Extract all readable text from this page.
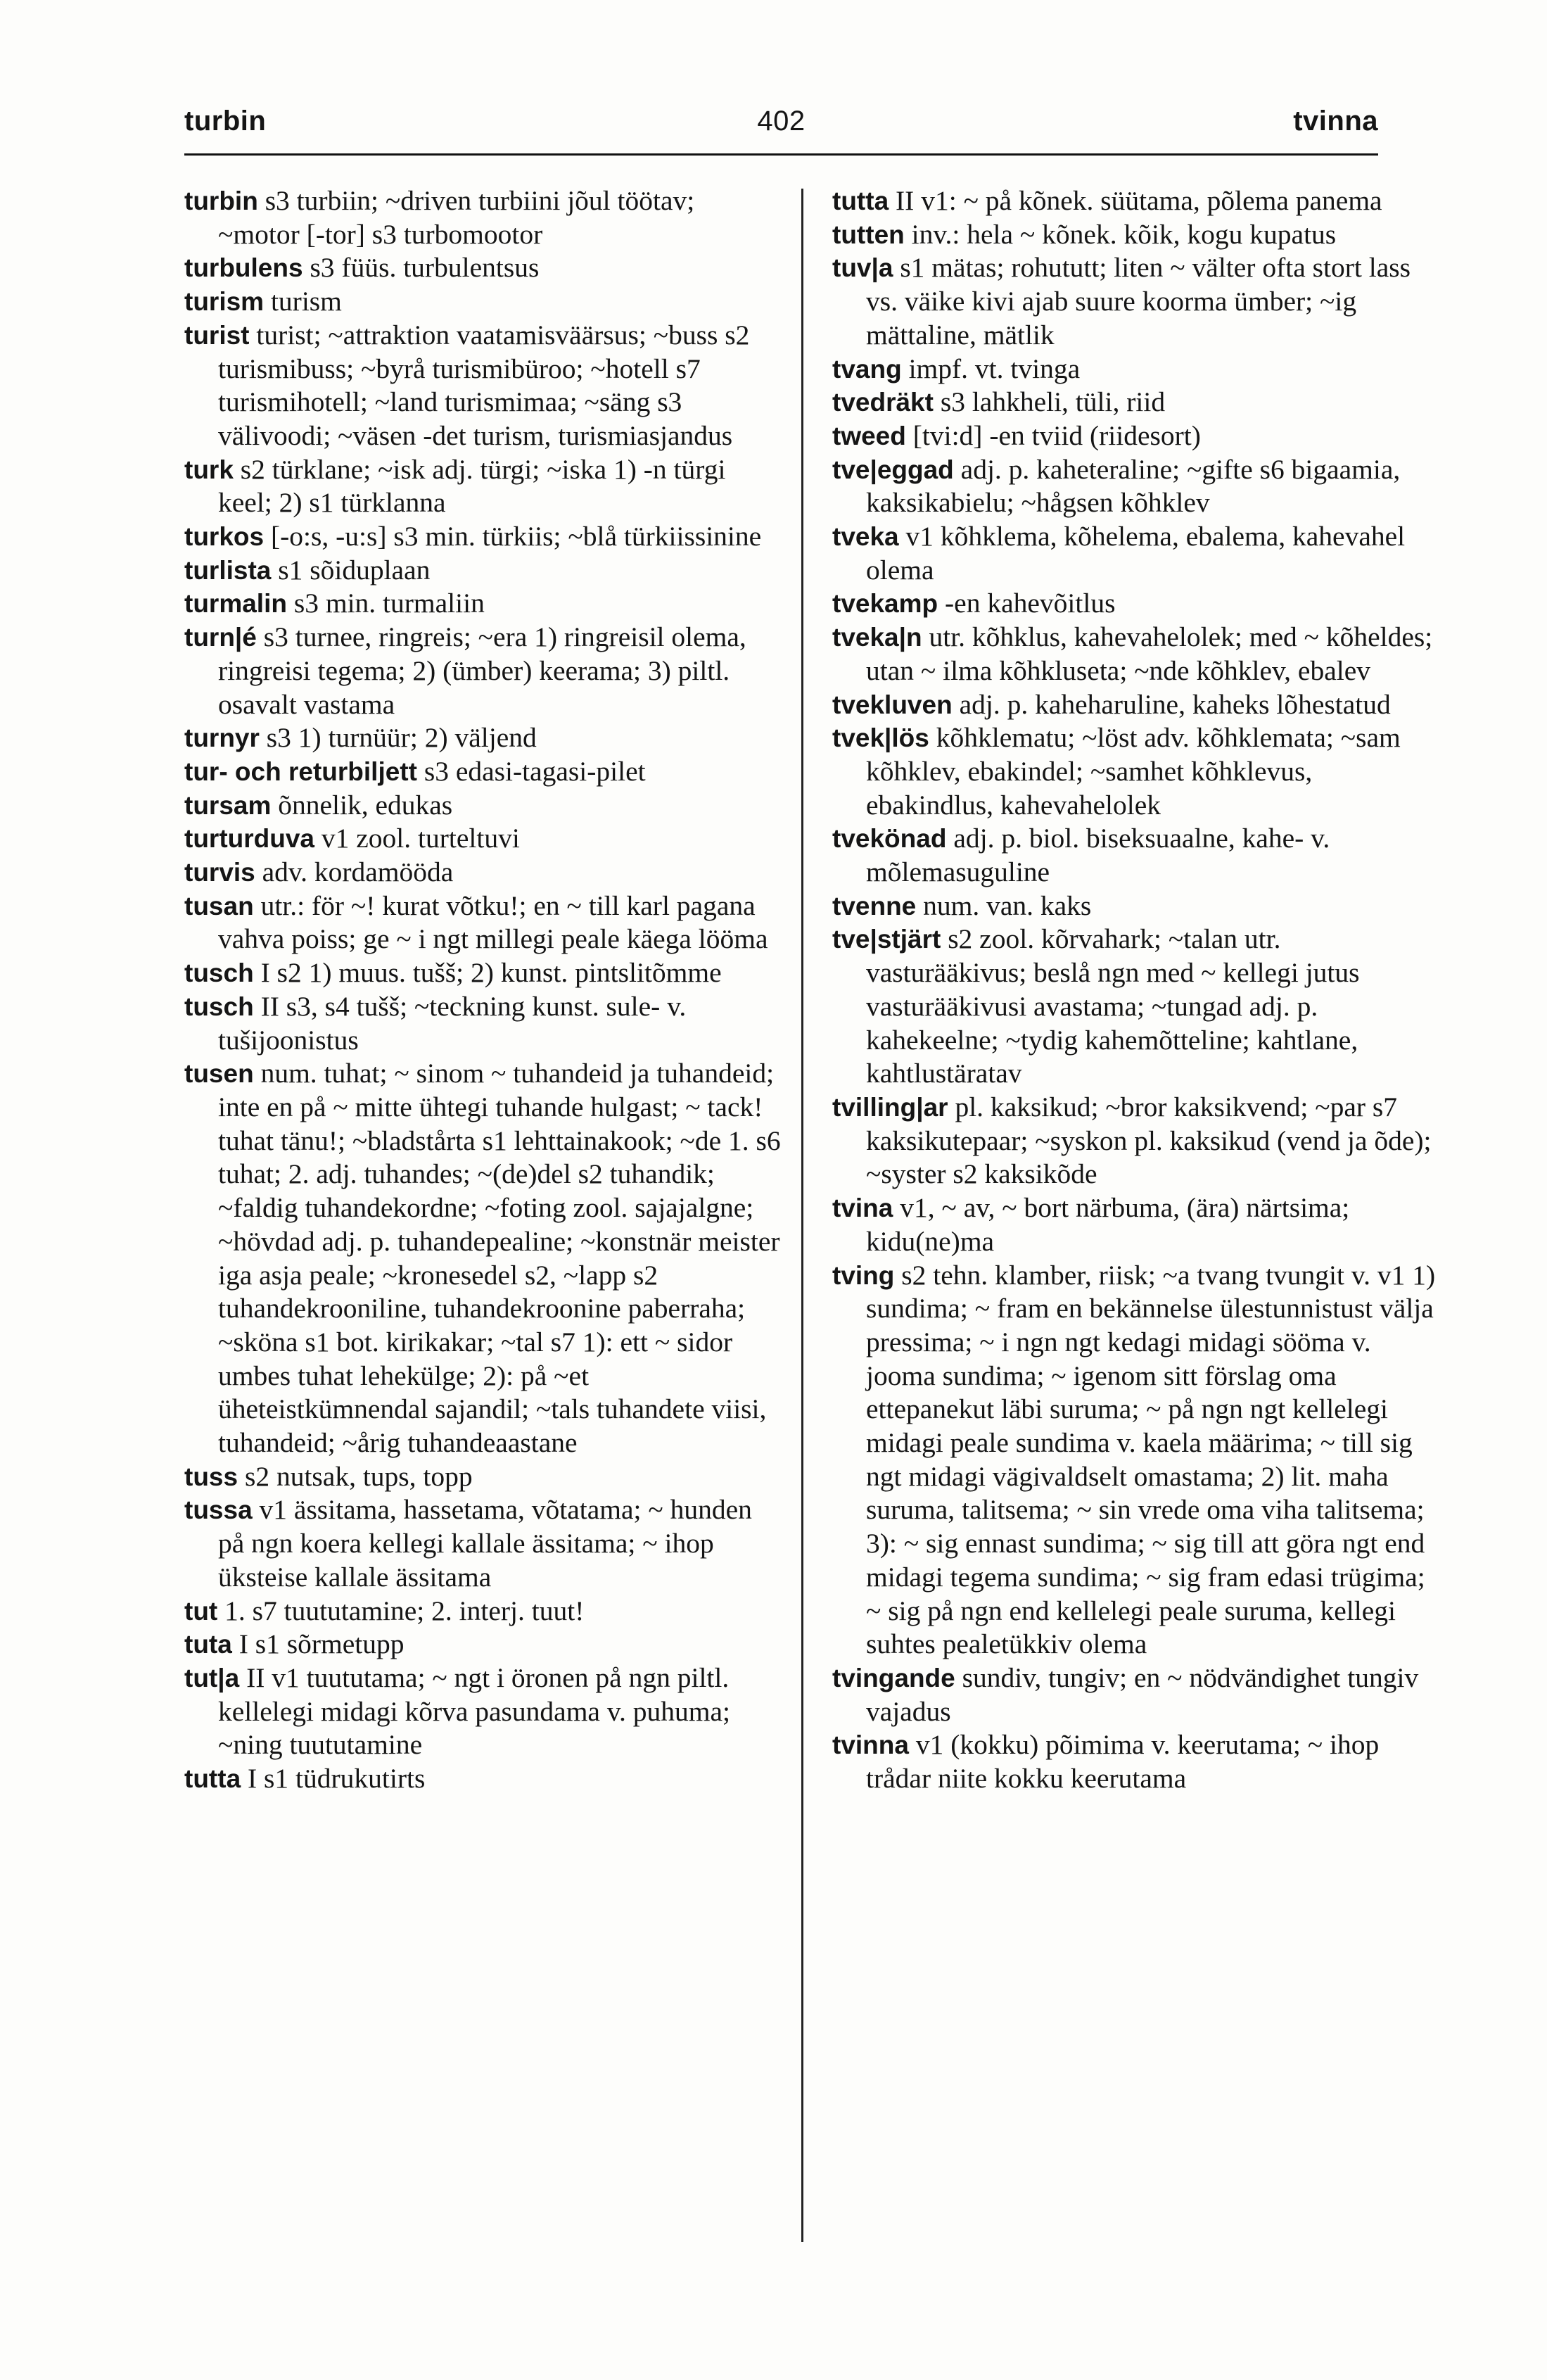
turbin	402	tvinna

turbin s3 turbiin; ~driven turbiini jõul töötav; ~motor [-tor] s3 turbomootor

turbulens s3 füüs. turbulentsus

turism turism

turist turist; ~attraktion vaatamisväärsus; ~buss s2 turismibuss; ~byrå turismibüroo; ~hotell s7 turismihotell; ~land turismimaa; ~säng s3 välivoodi; ~väsen -det turism, turismiasjandus

turk s2 türklane; ~isk adj. türgi; ~iska 1) -n türgi keel; 2) s1 türklanna

turkos [-o:s, -u:s] s3 min. türkiis; ~blå türkiissinine

turlista s1 sõiduplaan

turmalin s3 min. turmaliin

turn|é s3 turnee, ringreis; ~era 1) ringreisil olema, ringreisi tegema; 2) (ümber) keerama; 3) piltl. osavalt vastama

turnyr s3 1) turnüür; 2) väljend

tur- och returbiljett s3 edasi-tagasi-pilet

tursam õnnelik, edukas

turturduva v1 zool. turteltuvi

turvis adv. kordamööda

tusan utr.: för ~! kurat võtku!; en ~ till karl pagana vahva poiss; ge ~ i ngt millegi peale käega lööma

tusch I s2 1) muus. tušš; 2) kunst. pintslitõmme

tusch II s3, s4 tušš; ~teckning kunst. sule- v. tušijoonistus

tusen num. tuhat; ~ sinom ~ tuhandeid ja tuhandeid; inte en på ~ mitte ühtegi tuhande hulgast; ~ tack! tuhat tänu!; ~bladstårta s1 lehttainakook; ~de 1. s6 tuhat; 2. adj. tuhandes; ~(de)del s2 tuhandik; ~faldig tuhandekordne; ~foting zool. sajajalgne; ~hövdad adj. p. tuhandepealine; ~konstnär meister iga asja peale; ~kronesedel s2, ~lapp s2 tuhandekrooniline, tuhandekroonine paberraha; ~sköna s1 bot. kirikakar; ~tal s7 1): ett ~ sidor umbes tuhat lehekülge; 2): på ~et üheteistkümnendal sajandil; ~tals tuhandete viisi, tuhandeid; ~årig tuhandeaastane

tuss s2 nutsak, tups, topp

tussa v1 ässitama, hassetama, võtatama; ~ hunden på ngn koera kellegi kallale ässitama; ~ ihop üksteise kallale ässitama

tut 1. s7 tuututamine; 2. interj. tuut!

tuta I s1 sõrmetupp

tut|a II v1 tuututama; ~ ngt i öronen på ngn piltl. kellelegi midagi kõrva pasundama v. puhuma; ~ning tuututamine

tutta I s1 tüdrukutirts

tutta II v1: ~ på kõnek. süütama, põlema panema

tutten inv.: hela ~ kõnek. kõik, kogu kupatus

tuv|a s1 mätas; rohututt; liten ~ välter ofta stort lass vs. väike kivi ajab suure koorma ümber; ~ig mättaline, mätlik

tvang impf. vt. tvinga

tvedräkt s3 lahkheli, tüli, riid

tweed [tvi:d] -en tviid (riidesort)

tve|eggad adj. p. kaheteraline; ~gifte s6 bigaamia, kaksikabielu; ~hågsen kõhklev

tveka v1 kõhklema, kõhelema, ebalema, kahevahel olema

tvekamp -en kahevõitlus

tveka|n utr. kõhklus, kahevahelolek; med ~ kõheldes; utan ~ ilma kõhkluseta; ~nde kõhklev, ebalev

tvekluven adj. p. kaheharuline, kaheks lõhestatud

tvek|lös kõhklematu; ~löst adv. kõhklemata; ~sam kõhklev, ebakindel; ~samhet kõhklevus, ebakindlus, kahevahelolek

tvekönad adj. p. biol. biseksuaalne, kahe- v. mõlemasuguline

tvenne num. van. kaks

tve|stjärt s2 zool. kõrvahark; ~talan utr. vasturääkivus; beslå ngn med ~ kellegi jutus vasturääkivusi avastama; ~tungad adj. p. kahekeelne; ~tydig kahemõtteline; kahtlane, kahtlustäratav

tvilling|ar pl. kaksikud; ~bror kaksikvend; ~par s7 kaksikutepaar; ~syskon pl. kaksikud (vend ja õde); ~syster s2 kaksikõde

tvina v1, ~ av, ~ bort närbuma, (ära) närtsima; kidu(ne)ma

tving s2 tehn. klamber, riisk; ~a tvang tvungit v. v1 1) sundima; ~ fram en bekännelse ülestunnistust välja pressima; ~ i ngn ngt kedagi midagi sööma v. jooma sundima; ~ igenom sitt förslag oma ettepanekut läbi suruma; ~ på ngn ngt kellelegi midagi peale sundima v. kaela määrima; ~ till sig ngt midagi vägivaldselt omastama; 2) lit. maha suruma, talitsema; ~ sin vrede oma viha talitsema; 3): ~ sig ennast sundima; ~ sig till att göra ngt end midagi tegema sundima; ~ sig fram edasi trügima; ~ sig på ngn end kellelegi peale suruma, kellegi suhtes pealetükkiv olema

tvingande sundiv, tungiv; en ~ nödvändighet tungiv vajadus

tvinna v1 (kokku) põimima v. keerutama; ~ ihop trådar niite kokku keerutama
